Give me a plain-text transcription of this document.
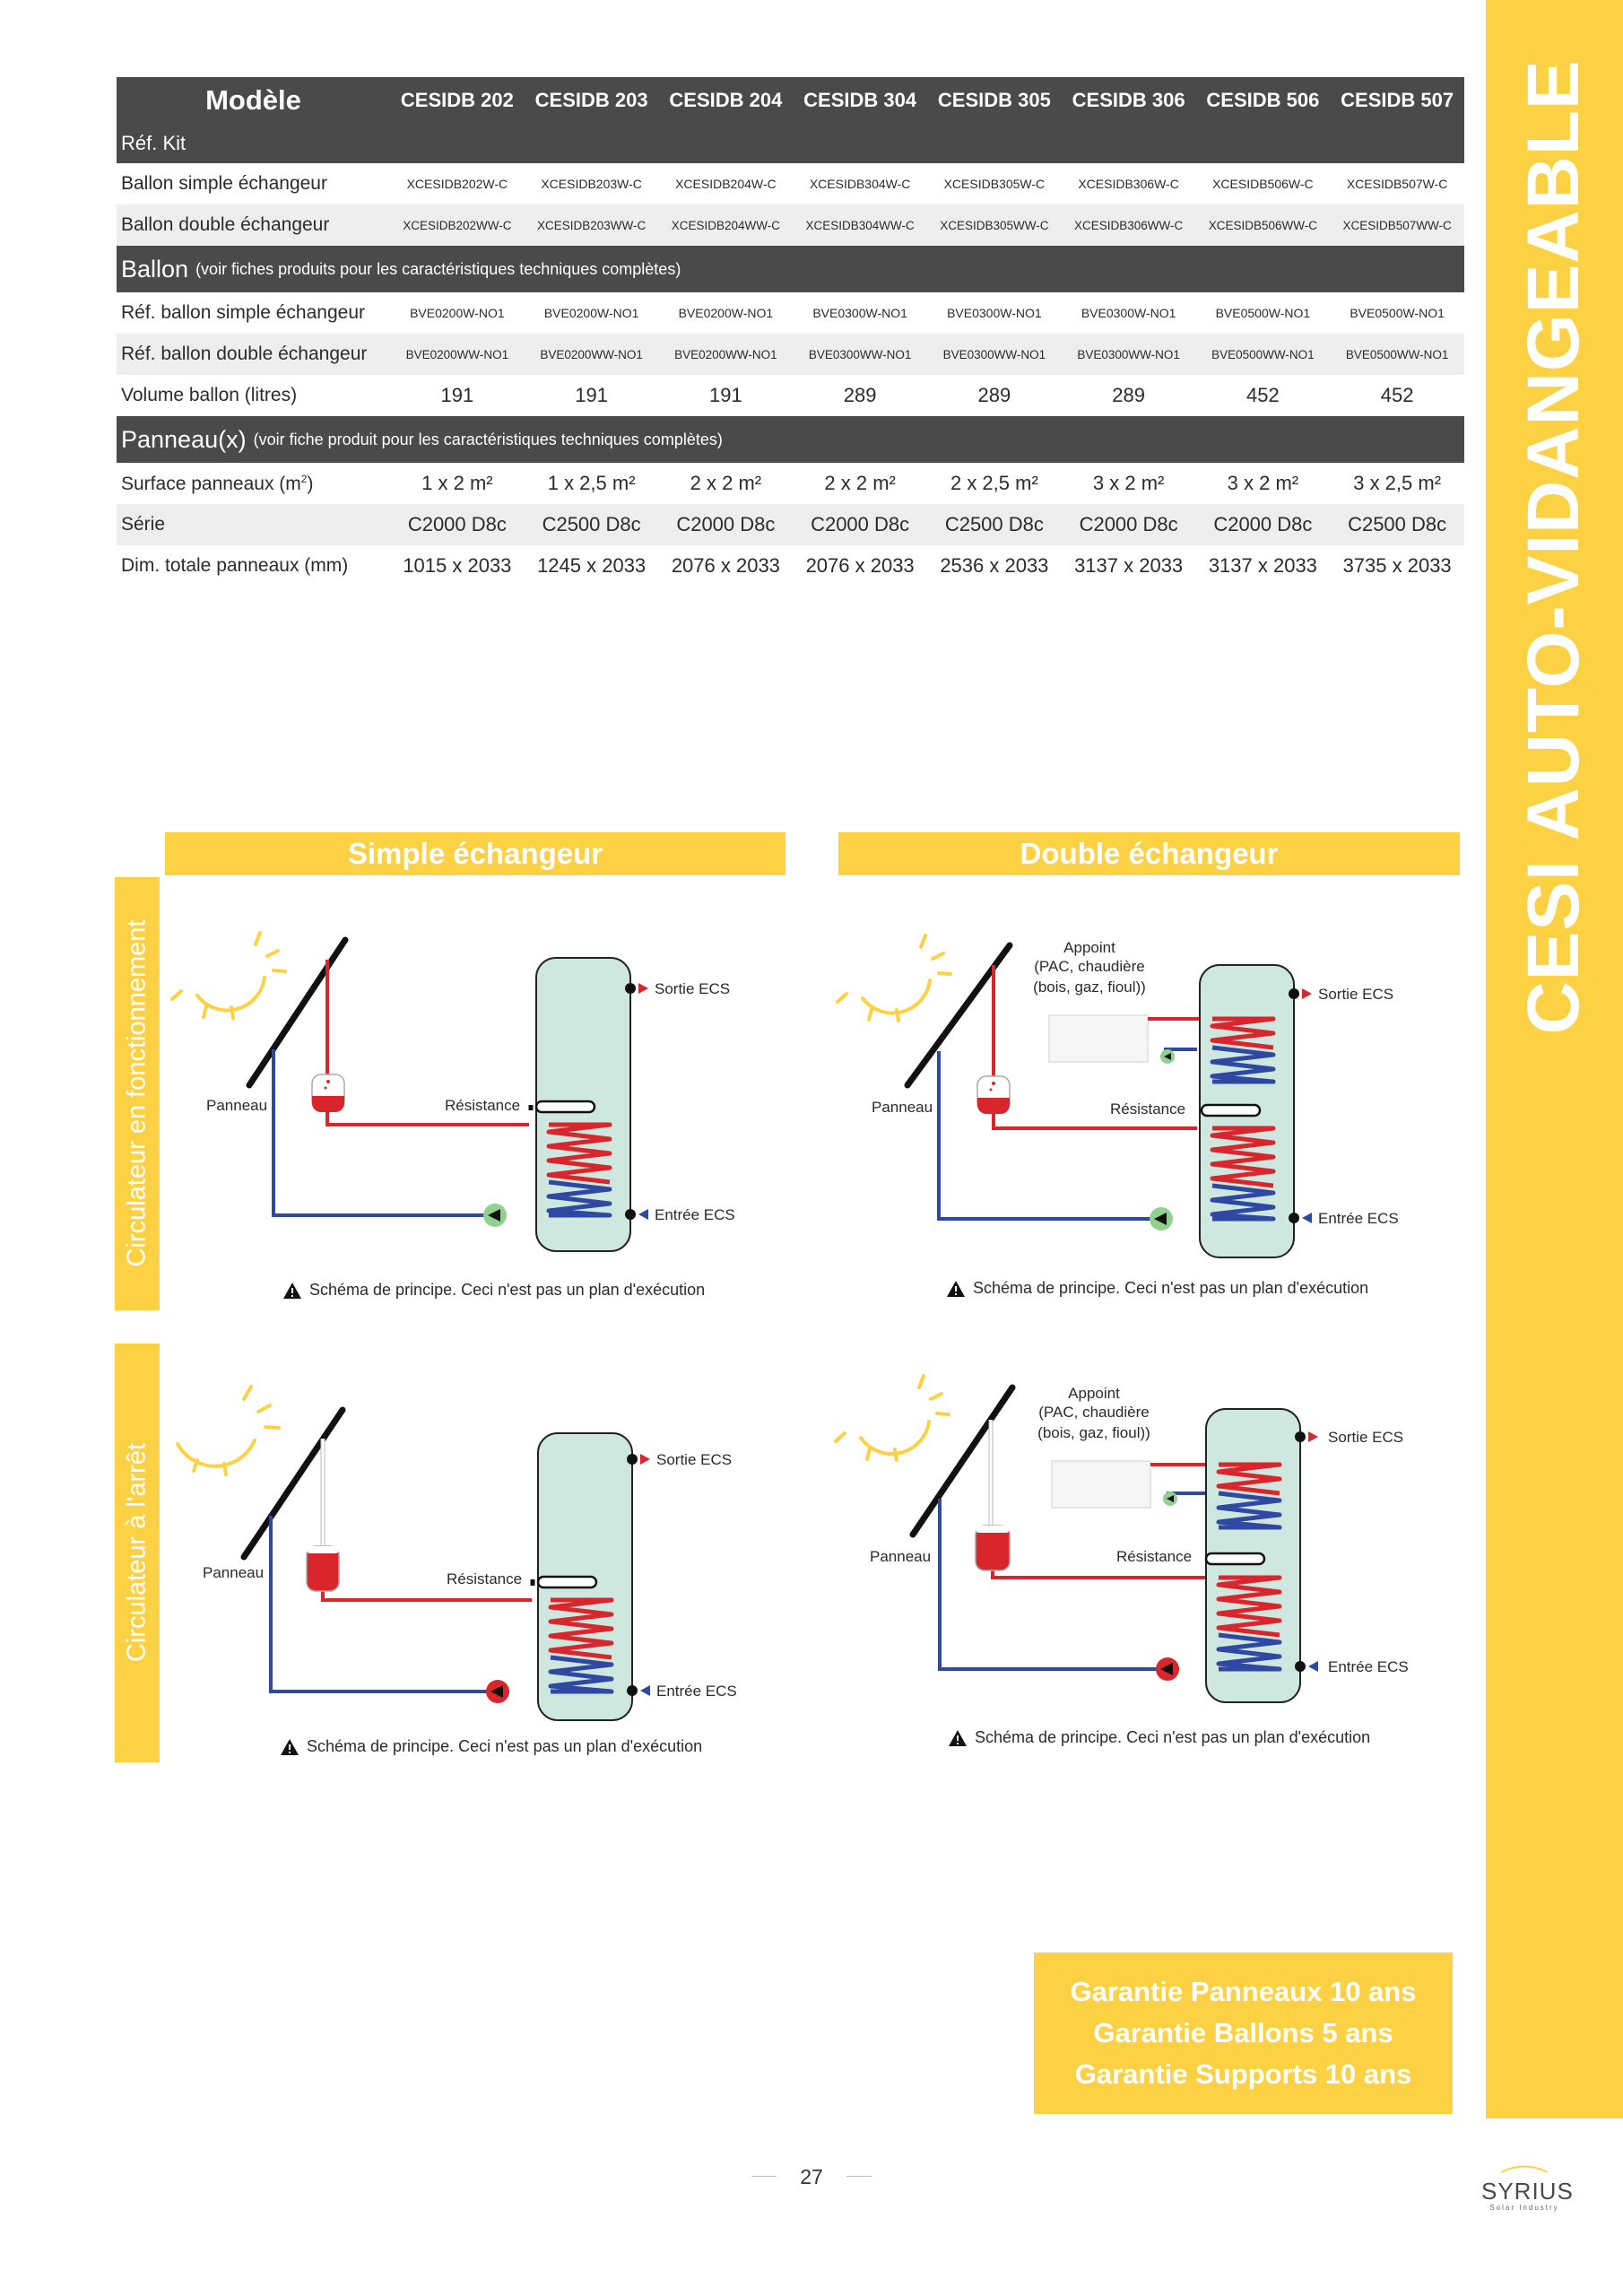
CESI AUTO-VIDANGEABLE
Modèle	CESIDB 202	CESIDB 203	CESIDB 204	CESIDB 304	CESIDB 305	CESIDB 306	CESIDB 506	CESIDB 507
Réf. Kit
Ballon simple échangeur	XCESIDB202W-C	XCESIDB203W-C	XCESIDB204W-C	XCESIDB304W-C	XCESIDB305W-C	XCESIDB306W-C	XCESIDB506W-C	XCESIDB507W-C
Ballon double échangeur	XCESIDB202WW-C	XCESIDB203WW-C	XCESIDB204WW-C	XCESIDB304WW-C	XCESIDB305WW-C	XCESIDB306WW-C	XCESIDB506WW-C	XCESIDB507WW-C
Ballon (voir fiches produits pour les caractéristiques techniques complètes)
Réf. ballon simple échangeur	BVE0200W-NO1	BVE0200W-NO1	BVE0200W-NO1	BVE0300W-NO1	BVE0300W-NO1	BVE0300W-NO1	BVE0500W-NO1	BVE0500W-NO1
Réf. ballon double échangeur	BVE0200WW-NO1	BVE0200WW-NO1	BVE0200WW-NO1	BVE0300WW-NO1	BVE0300WW-NO1	BVE0300WW-NO1	BVE0500WW-NO1	BVE0500WW-NO1
Volume ballon (litres)	191	191	191	289	289	289	452	452
Panneau(x) (voir fiche produit pour les caractéristiques techniques complètes)
Surface panneaux $(m^2)$	1 x 2 m²	1 x 2,5 m²	2 x 2 m²	2 x 2 m²	2 x 2,5 m²	3 x 2 m²	3 x 2 m²	3 x 2,5 m²
Série	C2000 D8c	C2500 D8c	C2000 D8c	C2000 D8c	C2500 D8c	C2000 D8c	C2000 D8c	C2500 D8c
Dim. totale panneaux (mm)	1015 x 2033	1245 x 2033	2076 x 2033	2076 x 2033	2536 x 2033	3137 x 2033	3137 x 2033	3735 x 2033
Simple échangeur	Double échangeur
Circulateur en fonctionnement
Circulateur à l'arrêt
Sortie ECS
Entrée ECS
Résistance
Panneau
Sortie ECS
Entrée ECS
Résistance
Panneau
Appoint
(PAC, chaudière
(bois, gaz, fioul))
Sortie ECS
Entrée ECS
Résistance
Panneau
Sortie ECS
Entrée ECS
Résistance
Panneau
Appoint
(PAC, chaudière
(bois, gaz, fioul))
Schéma de principe. Ceci n'est pas un plan d'exécution	Schéma de principe. Ceci n'est pas un plan d'exécution
Schéma de principe. Ceci n'est pas un plan d'exécution	Schéma de principe. Ceci n'est pas un plan d'exécution
Garantie Panneaux 10 ans
Garantie Ballons 5 ans
Garantie Supports 10 ans
27
SYRIUS
Solar Industry
